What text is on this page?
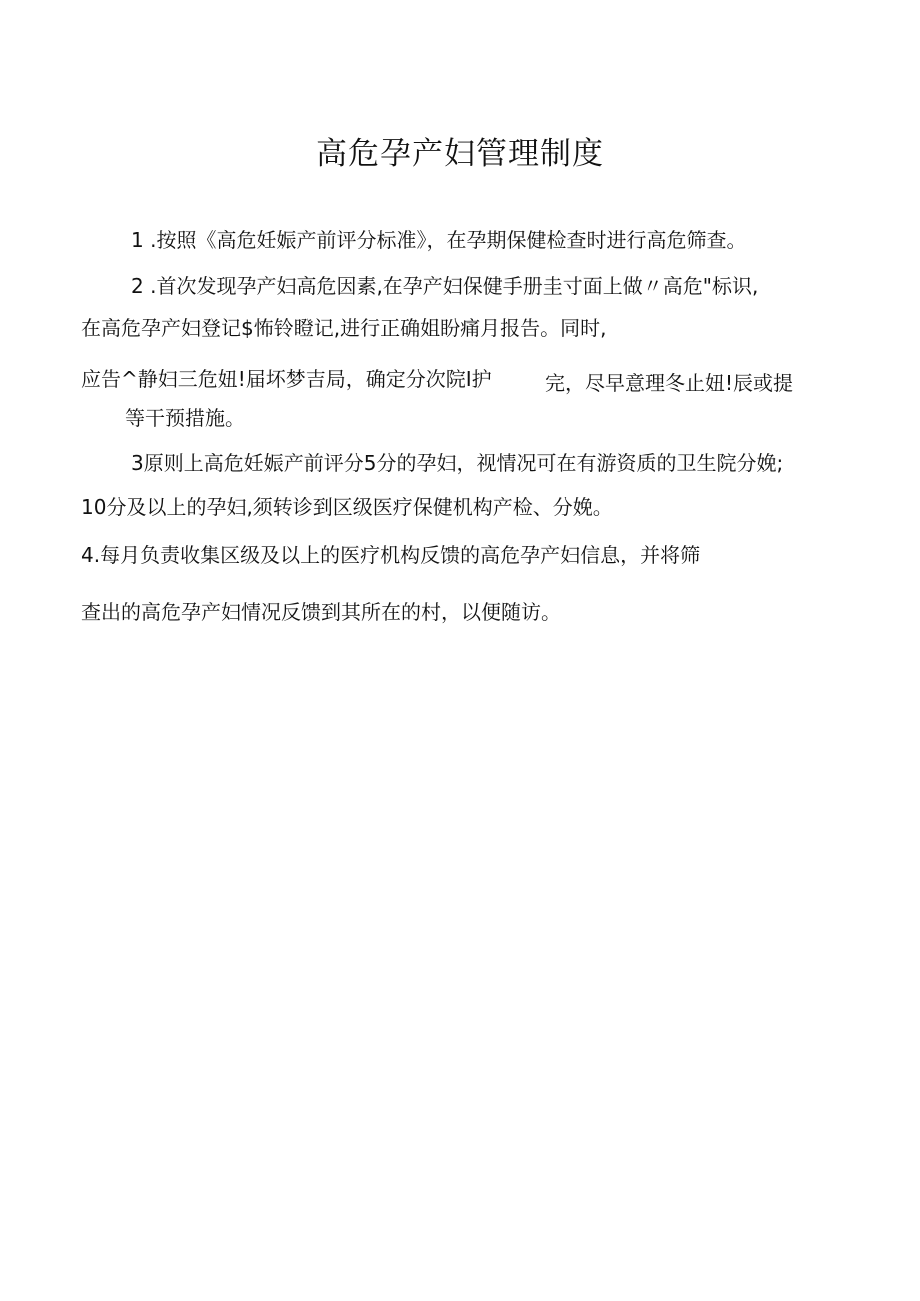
高危孕产妇管理制度
1 .按照《高危妊娠产前评分标准》，在孕期保健检查时进行高危筛查。
2 .首次发现孕产妇高危因素,在孕产妇保健手册圭寸面上做〃高危"标识,
在高危孕产妇登记$怖铃瞪记,进行正确姐盼痛月报告。同时,
应告^静妇三危妞!届坏梦吉局，确定分次院I护	完，尽早意理冬止妞!辰或提
等干预措施。
3原则上高危妊娠产前评分5分的孕妇，视情况可在有游资质的卫生院分娩;
10分及以上的孕妇,须转诊到区级医疗保健机构产检、分娩。
4.每月负责收集区级及以上的医疗机构反馈的高危孕产妇信息，并将筛
查出的高危孕产妇情况反馈到其所在的村，以便随访。
